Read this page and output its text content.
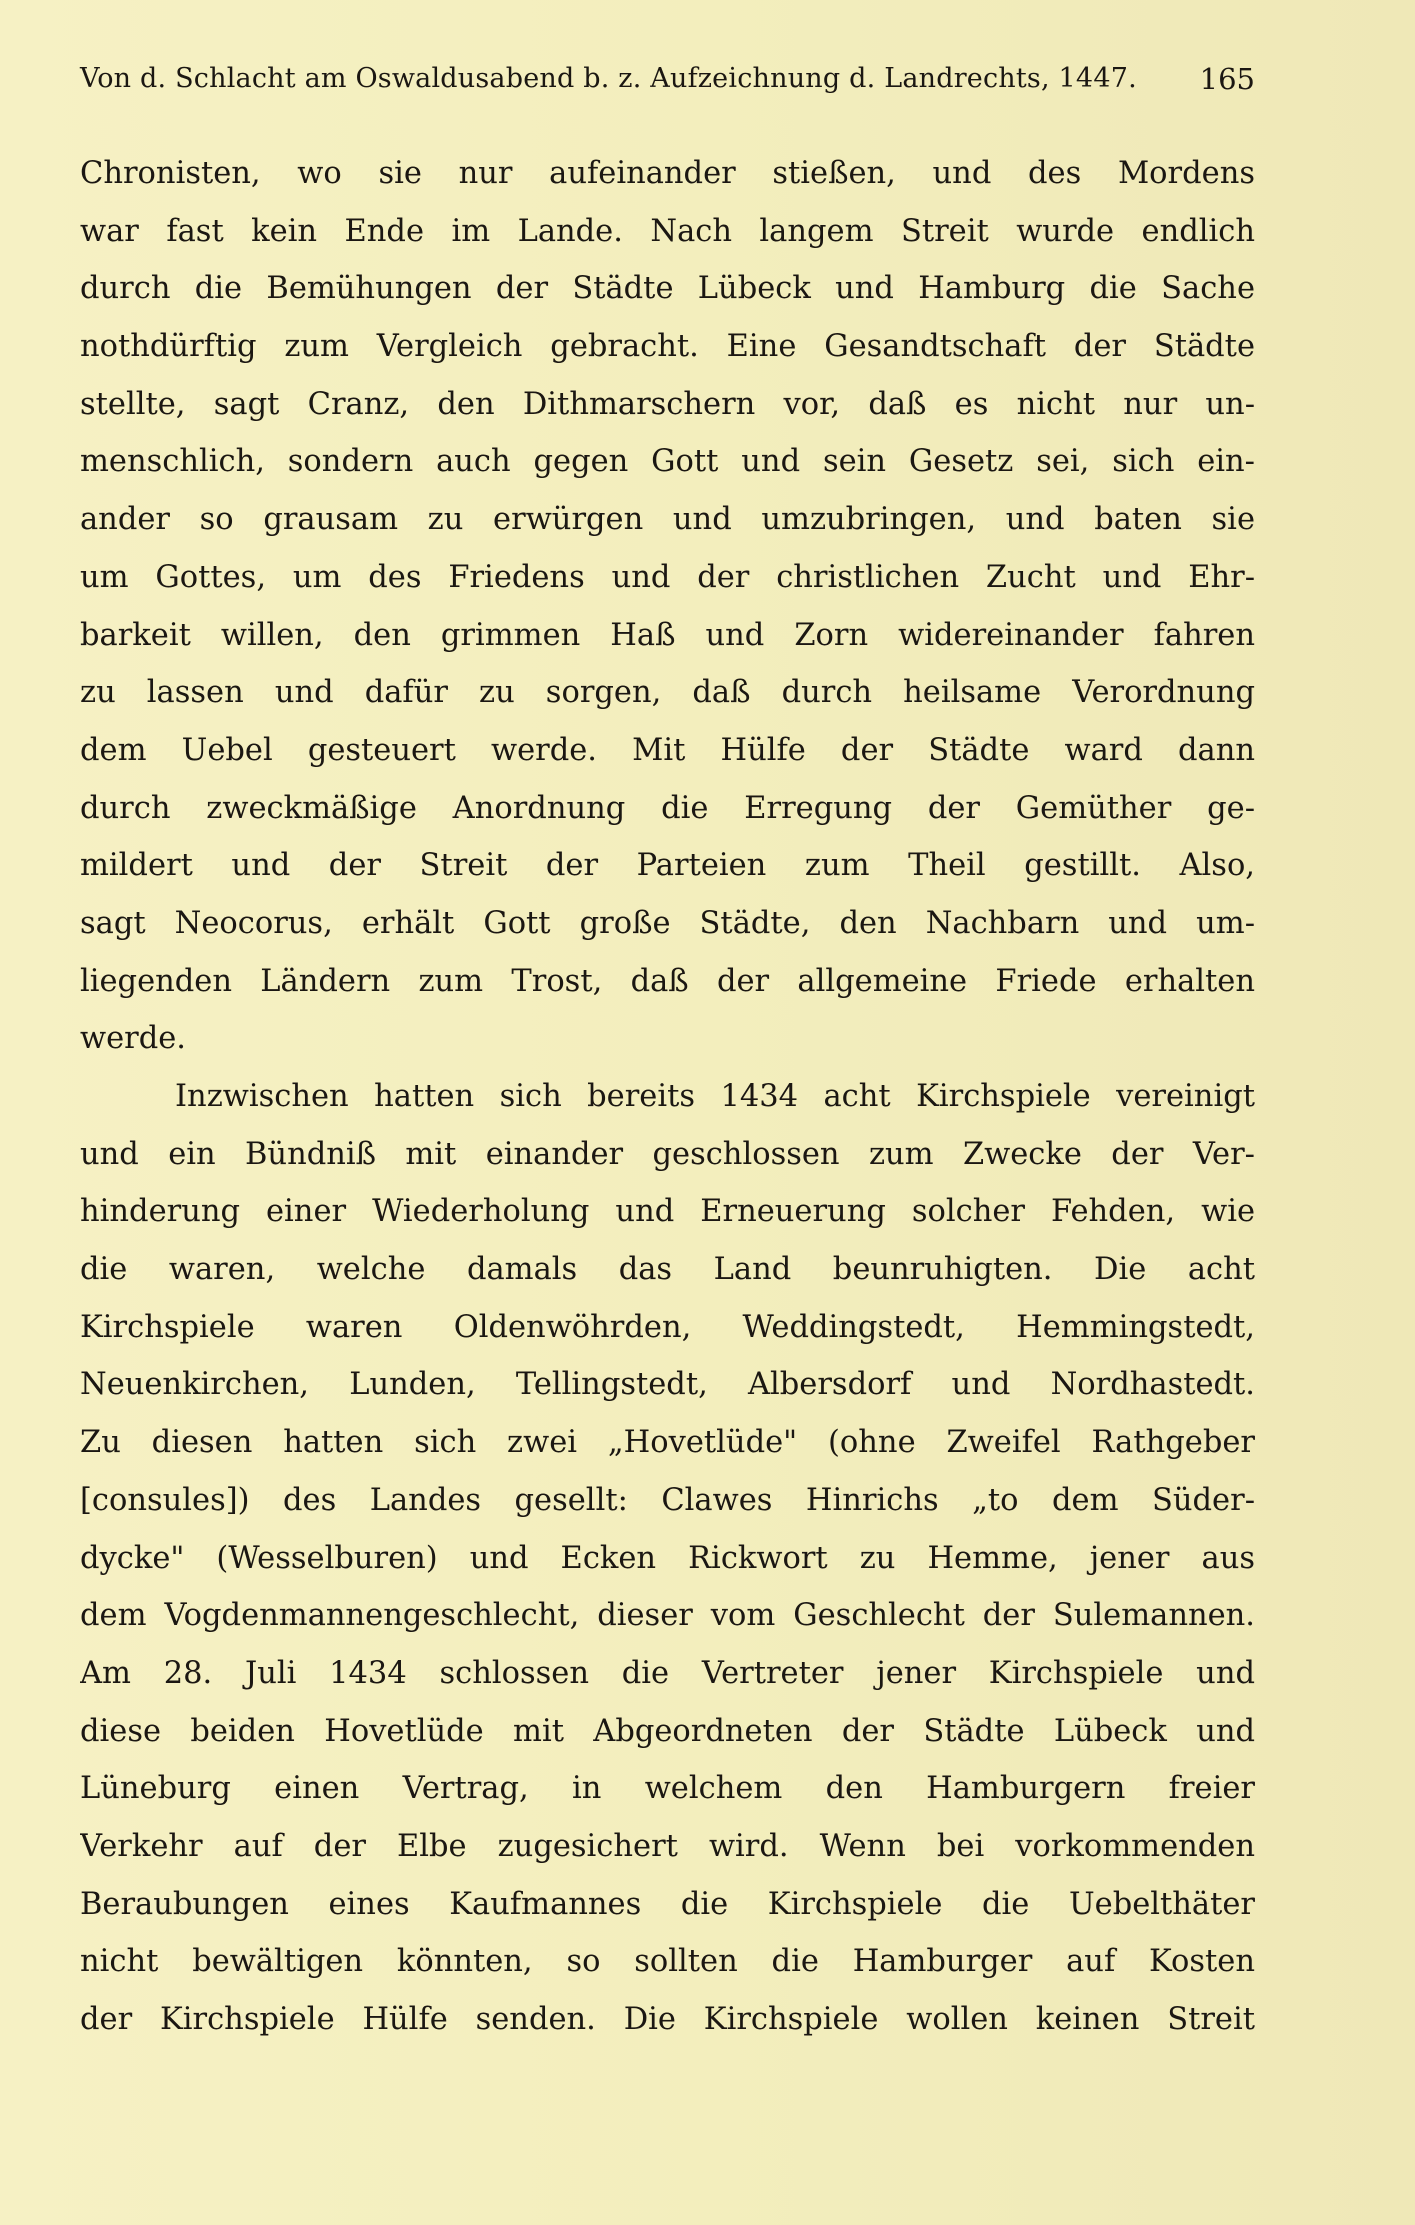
Von d. Schlacht am Oswaldusabend b. z. Aufzeichnung d. Landrechts, 1447. 165
Chronisten, wo sie nur aufeinander stießen, und des Mordens
war fast kein Ende im Lande. Nach langem Streit wurde endlich
durch die Bemühungen der Städte Lübeck und Hamburg die Sache
nothdürftig zum Vergleich gebracht. Eine Gesandtschaft der Städte
stellte, sagt Cranz, den Dithmarschern vor, daß es nicht nur un-
menschlich, sondern auch gegen Gott und sein Gesetz sei, sich ein-
ander so grausam zu erwürgen und umzubringen, und baten sie
um Gottes, um des Friedens und der christlichen Zucht und Ehr-
barkeit willen, den grimmen Haß und Zorn widereinander fahren
zu lassen und dafür zu sorgen, daß durch heilsame Verordnung
dem Uebel gesteuert werde. Mit Hülfe der Städte ward dann
durch zweckmäßige Anordnung die Erregung der Gemüther ge-
mildert und der Streit der Parteien zum Theil gestillt. Also,
sagt Neocorus, erhält Gott große Städte, den Nachbarn und um-
liegenden Ländern zum Trost, daß der allgemeine Friede erhalten
werde.
Inzwischen hatten sich bereits 1434 acht Kirchspiele vereinigt
und ein Bündniß mit einander geschlossen zum Zwecke der Ver-
hinderung einer Wiederholung und Erneuerung solcher Fehden, wie
die waren, welche damals das Land beunruhigten. Die acht
Kirchspiele waren Oldenwöhrden, Weddingstedt, Hemmingstedt,
Neuenkirchen, Lunden, Tellingstedt, Albersdorf und Nordhastedt.
Zu diesen hatten sich zwei „Hovetlüde" (ohne Zweifel Rathgeber
[consules]) des Landes gesellt: Clawes Hinrichs „to dem Süder-
dycke" (Wesselburen) und Ecken Rickwort zu Hemme, jener aus
dem Vogdenmannengeschlecht, dieser vom Geschlecht der Sulemannen.
Am 28. Juli 1434 schlossen die Vertreter jener Kirchspiele und
diese beiden Hovetlüde mit Abgeordneten der Städte Lübeck und
Lüneburg einen Vertrag, in welchem den Hamburgern freier
Verkehr auf der Elbe zugesichert wird. Wenn bei vorkommenden
Beraubungen eines Kaufmannes die Kirchspiele die Uebelthäter
nicht bewältigen könnten, so sollten die Hamburger auf Kosten
der Kirchspiele Hülfe senden. Die Kirchspiele wollen keinen Streit
